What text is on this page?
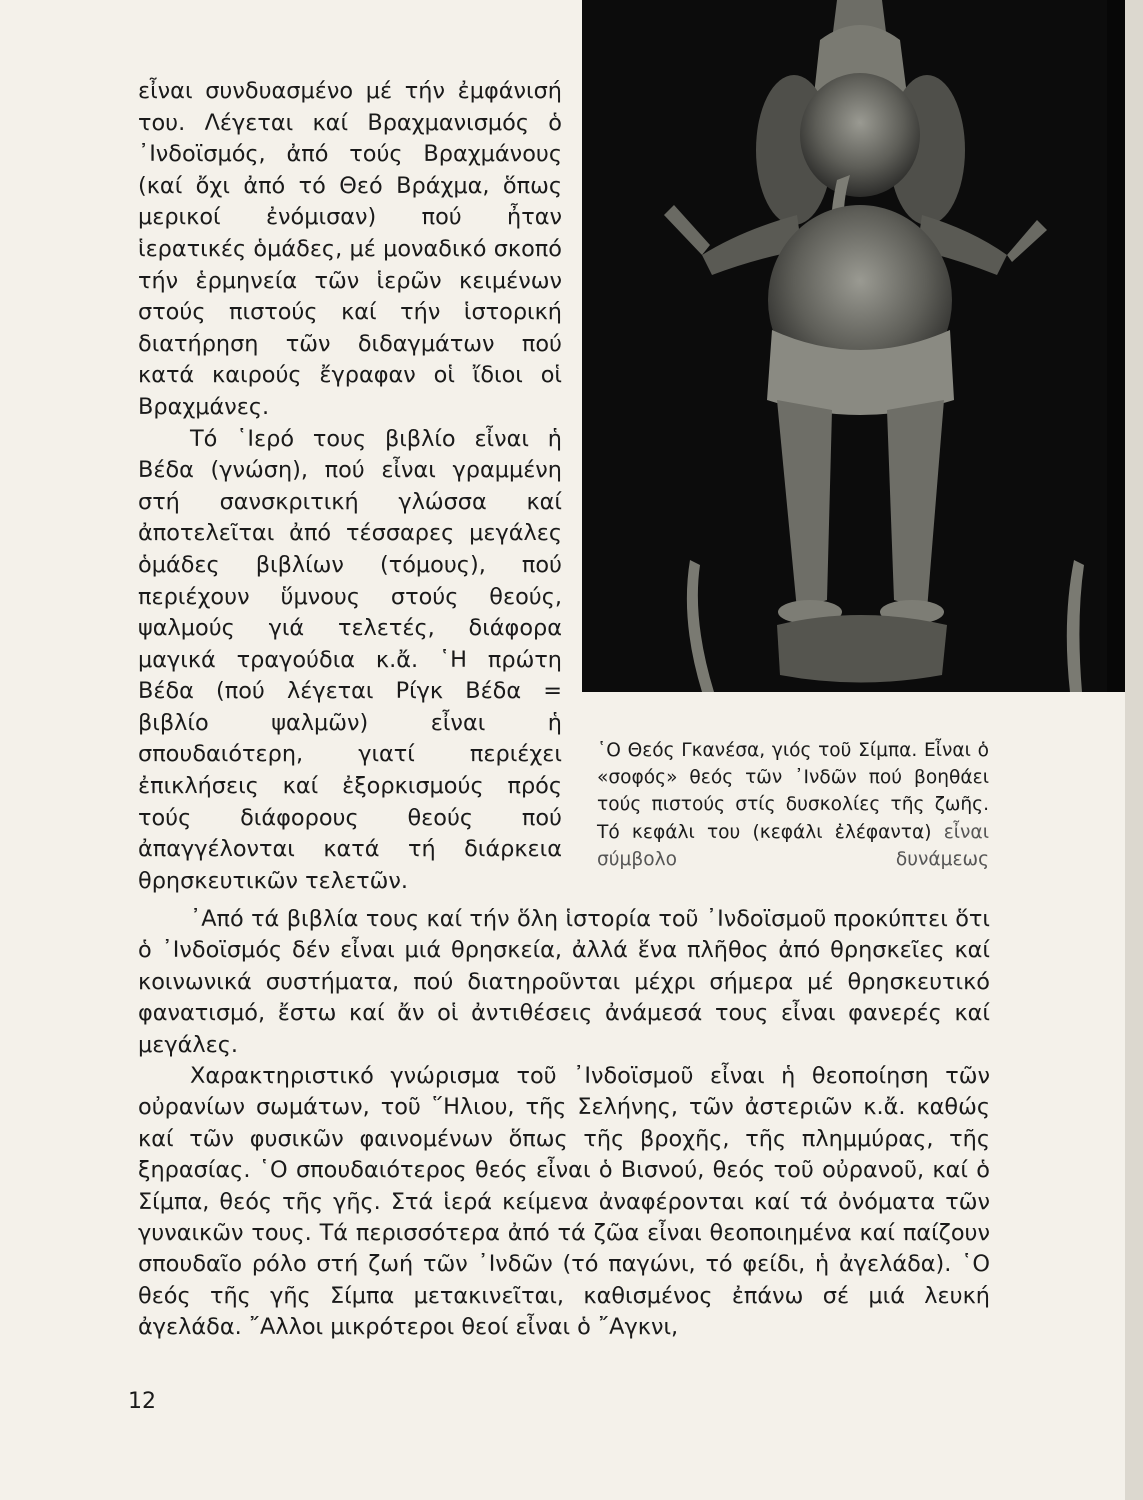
εἶναι συνδυασμένο μέ τήν ἐμφάνισή του. Λέγεται καί Βραχμανισμός ὁ ᾿Ινδοϊσμός, ἀπό τούς Βραχμάνους (καί ὄχι ἀπό τό Θεό Βράχμα, ὅπως μερικοί ἐνόμισαν) πού ἦταν ἱερατικές ὁμάδες, μέ μοναδικό σκοπό τήν ἑρμηνεία τῶν ἱερῶν κειμένων στούς πιστούς καί τήν ἱστορική διατήρηση τῶν διδαγμάτων πού κατά καιρούς ἔγραφαν οἱ ἴδιοι οἱ Βραχμάνες.

Τό ῾Ιερό τους βιβλίο εἶναι ἡ Βέδα (γνώση), πού εἶναι γραμμένη στή σανσκριτική γλώσσα καί ἀποτελεῖται ἀπό τέσσαρες μεγάλες ὁμάδες βιβλίων (τόμους), πού περιέχουν ὕμνους στούς θεούς, ψαλμούς γιά τελετές, διάφορα μαγικά τραγούδια κ.ἄ. ῾Η πρώτη Βέδα (πού λέγεται Ρίγκ Βέδα = βιβλίο ψαλμῶν) εἶναι ἡ σπουδαιότερη, γιατί περιέχει ἐπικλήσεις καί ἐξορκισμούς πρός τούς διάφορους θεούς πού ἀπαγγέλονται κατά τή διάρκεια θρησκευτικῶν τελετῶν.

῾Ο Θεός Γκανέσα, γιός τοῦ Σίμπα. Εἶναι ὁ «σοφός» θεός τῶν ᾿Ινδῶν πού βοηθάει τούς πιστούς στίς δυσκολίες τῆς ζωῆς. Τό κεφάλι του (κεφάλι ἐλέφαντα) εἶναι σύμβολο δυνάμεως

᾿Από τά βιβλία τους καί τήν ὅλη ἱστορία τοῦ ᾿Ινδοϊσμοῦ προκύπτει ὅτι ὁ ᾿Ινδοϊσμός δέν εἶναι μιά θρησκεία, ἀλλά ἕνα πλῆθος ἀπό θρησκεῖες καί κοινωνικά συστήματα, πού διατηροῦνται μέχρι σήμερα μέ θρησκευτικό φανατισμό, ἔστω καί ἄν οἱ ἀντιθέσεις ἀνάμεσά τους εἶναι φανερές καί μεγάλες.

Χαρακτηριστικό γνώρισμα τοῦ ᾿Ινδοϊσμοῦ εἶναι ἡ θεοποίηση τῶν οὐρανίων σωμάτων, τοῦ ῞Ηλιου, τῆς Σελήνης, τῶν ἀστεριῶν κ.ἄ. καθώς καί τῶν φυσικῶν φαινομένων ὅπως τῆς βροχῆς, τῆς πλημμύρας, τῆς ξηρασίας. ῾Ο σπουδαιότερος θεός εἶναι ὁ Βισνού, θεός τοῦ οὐρανοῦ, καί ὁ Σίμπα, θεός τῆς γῆς. Στά ἱερά κείμενα ἀναφέρονται καί τά ὀνόματα τῶν γυναικῶν τους. Τά περισσότερα ἀπό τά ζῶα εἶναι θεοποιημένα καί παίζουν σπουδαῖο ρόλο στή ζωή τῶν ᾿Ινδῶν (τό παγώνι, τό φείδι, ἡ ἀγελάδα). ῾Ο θεός τῆς γῆς Σίμπα μετακινεῖται, καθισμένος ἐπάνω σέ μιά λευκή ἀγελάδα. ῎Αλλοι μικρότεροι θεοί εἶναι ὁ ῎Αγκνι,

12
